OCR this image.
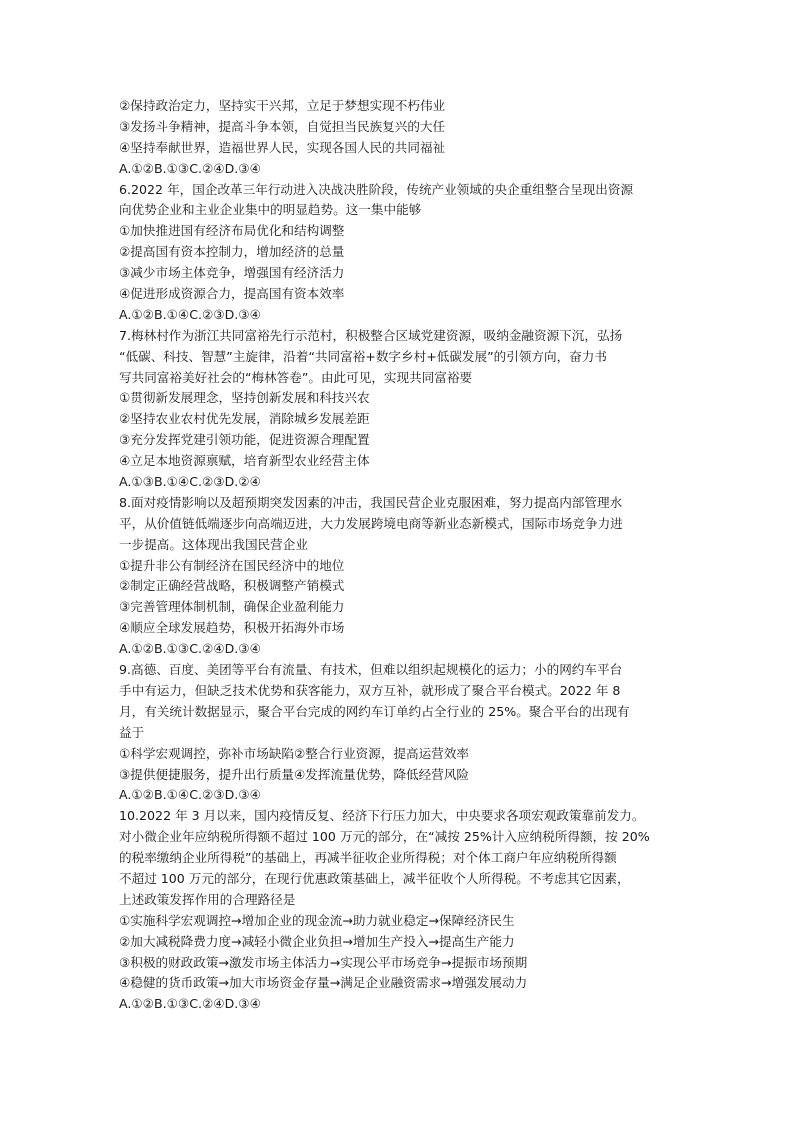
②保持政治定力，坚持实干兴邦，立足于梦想实现不朽伟业
③发扬斗争精神，提高斗争本领，自觉担当民族复兴的大任
④坚持奉献世界，造福世界人民，实现各国人民的共同福祉
A.①②B.①③C.②④D.③④
6.2022 年，国企改革三年行动进入决战决胜阶段，传统产业领域的央企重组整合呈现出资源
向优势企业和主业企业集中的明显趋势。这一集中能够
①加快推进国有经济布局优化和结构调整
②提高国有资本控制力，增加经济的总量
③减少市场主体竞争，增强国有经济活力
④促进形成资源合力，提高国有资本效率
A.①②B.①④C.②③D.③④
7.梅林村作为浙江共同富裕先行示范村，积极整合区域党建资源，吸纳金融资源下沉，弘扬
“低碳、科技、智慧”主旋律，沿着“共同富裕+数字乡村+低碳发展”的引领方向，奋力书
写共同富裕美好社会的“梅林答卷”。由此可见，实现共同富裕要
①贯彻新发展理念，坚持创新发展和科技兴农
②坚持农业农村优先发展，消除城乡发展差距
③充分发挥党建引领功能，促进资源合理配置
④立足本地资源禀赋，培育新型农业经营主体
A.①③B.①④C.②③D.②④
8.面对疫情影响以及超预期突发因素的冲击，我国民营企业克服困难，努力提高内部管理水
平，从价值链低端逐步向高端迈进，大力发展跨境电商等新业态新模式，国际市场竞争力进
一步提高。这体现出我国民营企业
①提升非公有制经济在国民经济中的地位
②制定正确经营战略，积极调整产销模式
③完善管理体制机制，确保企业盈利能力
④顺应全球发展趋势，积极开拓海外市场
A.①②B.①③C.②④D.③④
9.高德、百度、美团等平台有流量、有技术，但难以组织起规模化的运力；小的网约车平台
手中有运力，但缺乏技术优势和获客能力，双方互补，就形成了聚合平台模式。2022 年 8
月，有关统计数据显示，聚合平台完成的网约车订单约占全行业的 25%。聚合平台的出现有
益于
①科学宏观调控，弥补市场缺陷②整合行业资源，提高运营效率
③提供便捷服务，提升出行质量④发挥流量优势，降低经营风险
A.①②B.①④C.②③D.③④
10.2022 年 3 月以来，国内疫情反复、经济下行压力加大，中央要求各项宏观政策靠前发力。
对小微企业年应纳税所得额不超过 100 万元的部分，在“减按 25%计入应纳税所得额，按 20%
的税率缴纳企业所得税”的基础上，再减半征收企业所得税；对个体工商户年应纳税所得额
不超过 100 万元的部分，在现行优惠政策基础上，减半征收个人所得税。不考虑其它因素，
上述政策发挥作用的合理路径是
①实施科学宏观调控→增加企业的现金流→助力就业稳定→保障经济民生
②加大减税降费力度→减轻小微企业负担→增加生产投入→提高生产能力
③积极的财政政策→激发市场主体活力→实现公平市场竞争→提振市场预期
④稳健的货币政策→加大市场资金存量→满足企业融资需求→增强发展动力
A.①②B.①③C.②④D.③④
